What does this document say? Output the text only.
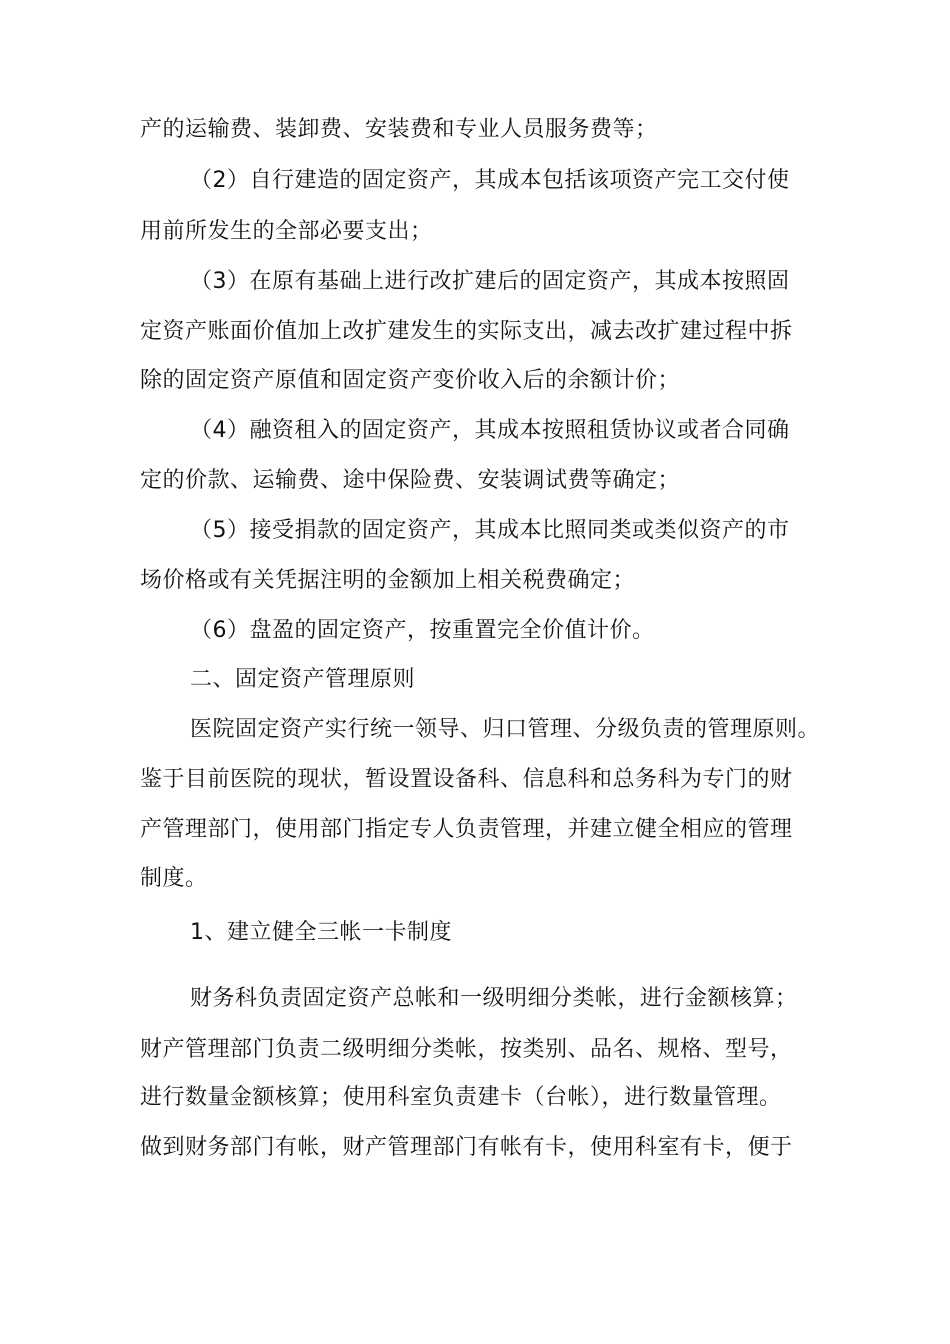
产的运输费、装卸费、安装费和专业人员服务费等；
（2）自行建造的固定资产，其成本包括该项资产完工交付使
用前所发生的全部必要支出；
（3）在原有基础上进行改扩建后的固定资产，其成本按照固
定资产账面价值加上改扩建发生的实际支出，减去改扩建过程中拆
除的固定资产原值和固定资产变价收入后的余额计价；
（4）融资租入的固定资产，其成本按照租赁协议或者合同确
定的价款、运输费、途中保险费、安装调试费等确定；
（5）接受捐款的固定资产，其成本比照同类或类似资产的市
场价格或有关凭据注明的金额加上相关税费确定；
（6）盘盈的固定资产，按重置完全价值计价。
二、固定资产管理原则
医院固定资产实行统一领导、归口管理、分级负责的管理原则。
鉴于目前医院的现状，暂设置设备科、信息科和总务科为专门的财
产管理部门，使用部门指定专人负责管理，并建立健全相应的管理
制度。
1、建立健全三帐一卡制度
财务科负责固定资产总帐和一级明细分类帐，进行金额核算；
财产管理部门负责二级明细分类帐，按类别、品名、规格、型号，
进行数量金额核算；使用科室负责建卡（台帐），进行数量管理。
做到财务部门有帐，财产管理部门有帐有卡，使用科室有卡，便于
